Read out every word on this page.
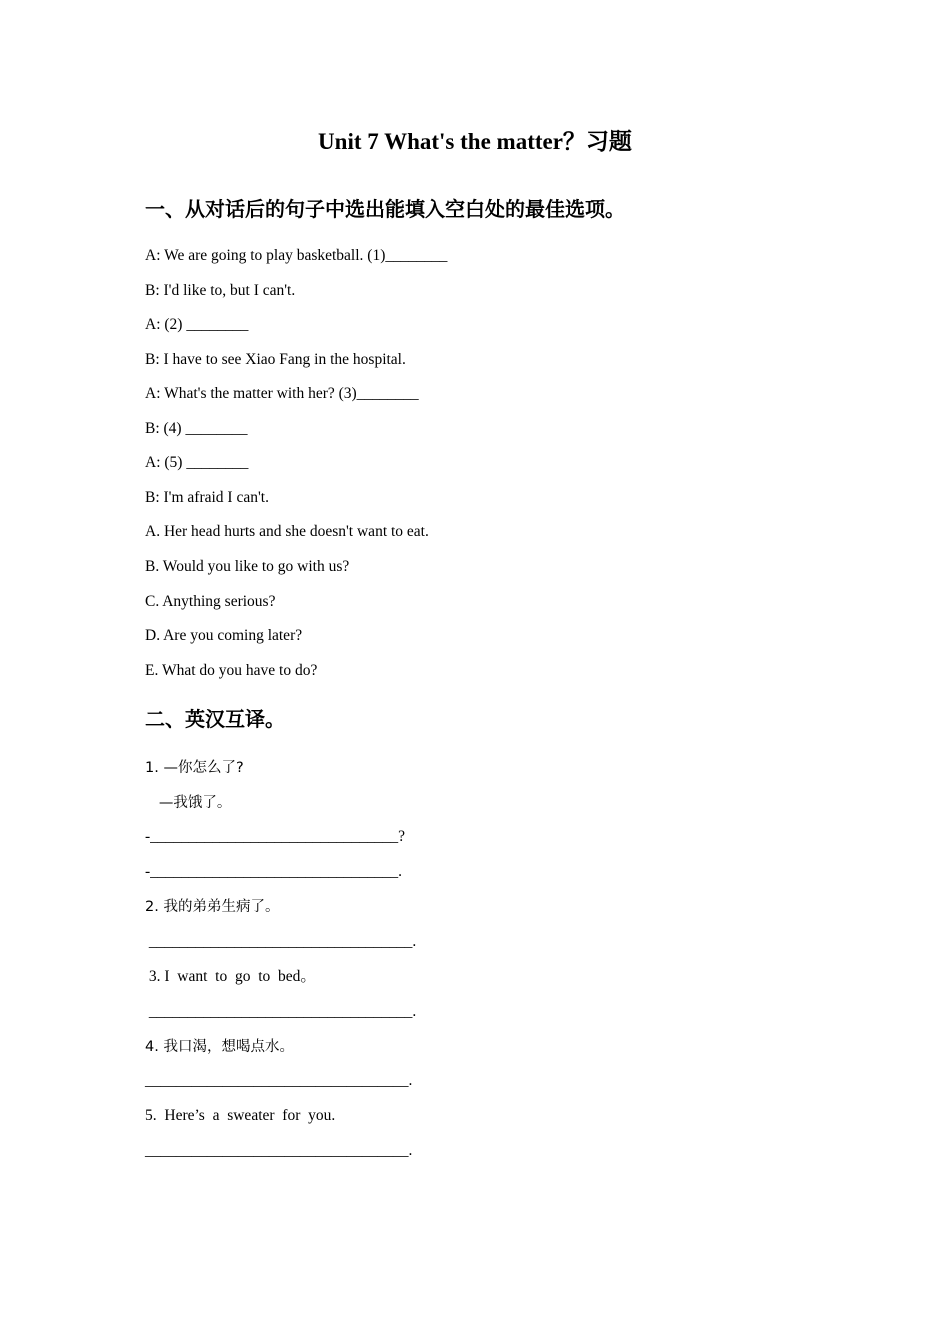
Unit 7 What's the matter？习题
一、从对话后的句子中选出能填入空白处的最佳选项。
A: We are going to play basketball. (1)________
B: I'd like to, but I can't.
A: (2) ________
B: I have to see Xiao Fang in the hospital.
A: What's the matter with her? (3)________
B: (4) ________
A: (5) ________
B: I'm afraid I can't.
A. Her head hurts and she doesn't want to eat.
B. Would you like to go with us?
C. Anything serious?
D. Are you coming later?
E. What do you have to do?
二、英汉互译。
1. —你怎么了?
—我饿了。
-________________________________?
-________________________________.
2. 我的弟弟生病了。
__________________________________.
3. I  want  to  go  to  bed。
__________________________________.
4. 我口渴，想喝点水。
__________________________________.
5.  Here’s  a  sweater  for  you.
__________________________________.
